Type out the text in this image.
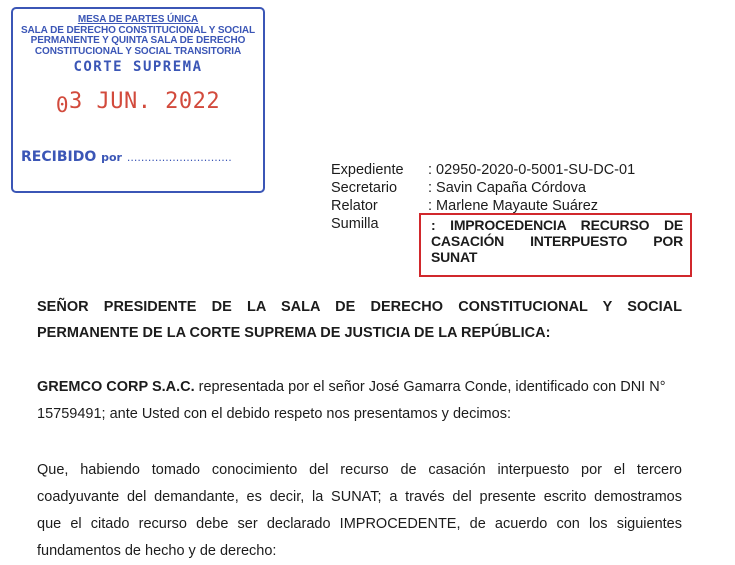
MESA DE PARTES ÚNICA
SALA DE DERECHO CONSTITUCIONAL Y SOCIAL
PERMANENTE Y QUINTA SALA DE DERECHO
CONSTITUCIONAL Y SOCIAL TRANSITORIA
CORTE SUPREMA
03 JUN. 2022
RECIBIDO por ..............................
Expediente	: 02950-2020-0-5001-SU-DC-01
Secretario	: Savin Capaña Córdova
Relator	: Marlene Mayaute Suárez
Sumilla	: IMPROCEDENCIA RECURSO DE

CASACIÓN INTERPUESTO POR

SUNAT

SEÑOR PRESIDENTE DE LA SALA DE DERECHO CONSTITUCIONAL Y SOCIAL PERMANENTE DE LA CORTE SUPREMA DE JUSTICIA DE LA REPÚBLICA:
GREMCO CORP S.A.C. representada por el señor José Gamarra Conde, identificado con DNI N°
15759491; ante Usted con el debido respeto nos presentamos y decimos:
Que, habiendo tomado conocimiento del recurso de casación interpuesto por el tercero
coadyuvante del demandante, es decir, la SUNAT; a través del presente escrito demostramos
que el citado recurso debe ser declarado IMPROCEDENTE, de acuerdo con los siguientes
fundamentos de hecho y de derecho:
